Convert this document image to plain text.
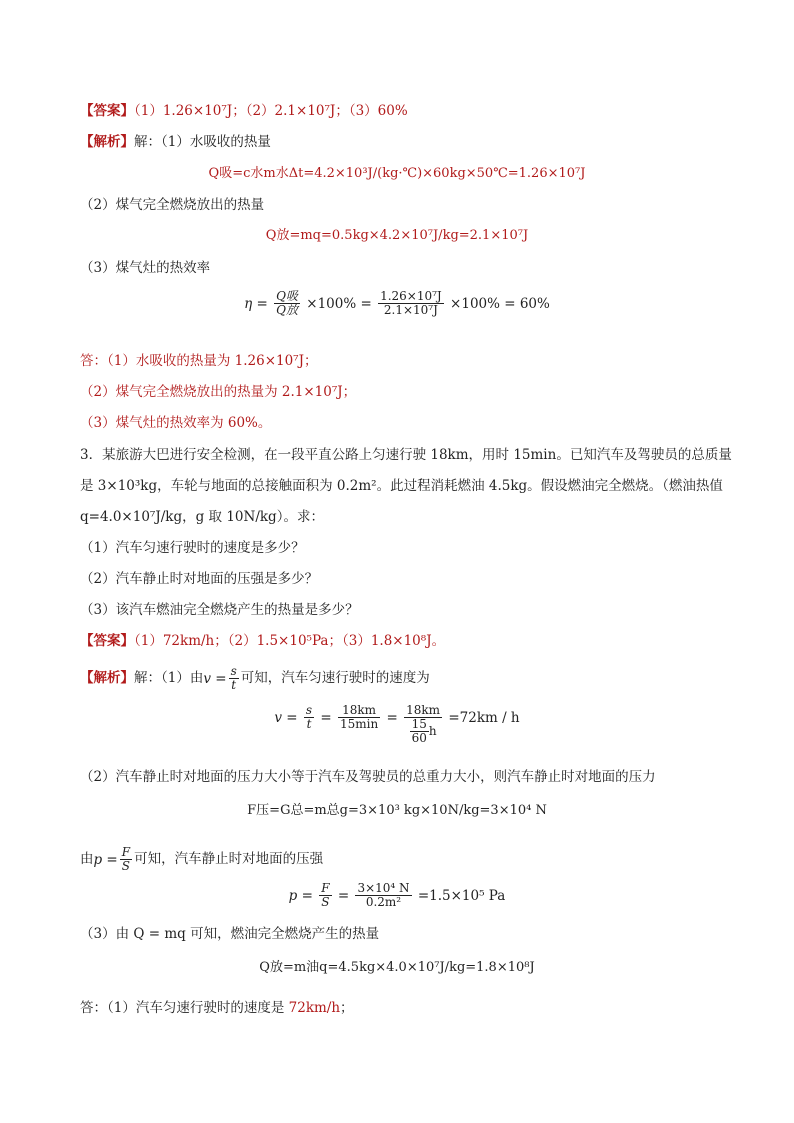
【答案】（1）1.26×10⁷J；（2）2.1×10⁷J；（3）60%
【解析】解：（1）水吸收的热量
Q吸=c水m水Δt=4.2×10³J/(kg·℃)×60kg×50℃=1.26×10⁷J
（2）煤气完全燃烧放出的热量
Q放=mq=0.5kg×4.2×10⁷J/kg=2.1×10⁷J
（3）煤气灶的热效率
$\eta = \frac{\text{Q吸}}{\text{Q放}} \times 100\% = \frac{\text{1.26×10⁷J}}{\text{2.1×10⁷J}} \times 100\% = 60\%$
答：（1）水吸收的热量为 1.26×10⁷J；
（2）煤气完全燃烧放出的热量为 2.1×10⁷J；
（3）煤气灶的热效率为 60%。
3．某旅游大巴进行安全检测，在一段平直公路上匀速行驶 18km，用时 15min。已知汽车及驾驶员的总质量
是 3×10³kg，车轮与地面的总接触面积为 0.2m²。此过程消耗燃油 4.5kg。假设燃油完全燃烧。（燃油热值
q=4.0×10⁷J/kg，g 取 10N/kg）。求：
（1）汽车匀速行驶时的速度是多少？
（2）汽车静止时对地面的压强是多少？
（3）该汽车燃油完全燃烧产生的热量是多少？
【答案】（1）72km/h；（2）1.5×10⁵Pa；（3）1.8×10⁸J。
【解析】解：（1）由$v = \frac{s}{t}$ 可知，汽车匀速行驶时的速度为
$v = \frac{s}{t} = \frac{18km}{15\min} = \frac{18km}{\frac{15}{60} h} =72km / h$
（2）汽车静止时对地面的压力大小等于汽车及驾驶员的总重力大小，则汽车静止时对地面的压力
F压=G总=m总g=3×10³ kg×10N/kg=3×10⁴ N
由$p = \frac{F}{S}$ 可知，汽车静止时对地面的压强
$p = \frac{F}{S} = \frac{\text{3×10⁴ N}}{\text{0.2m²}} =1.5\times 10^5$ Pa
（3）由 Q = mq 可知，燃油完全燃烧产生的热量
Q放=m油q=4.5kg×4.0×10⁷J/kg=1.8×10⁸J
答：（1）汽车匀速行驶时的速度是 72km/h；
